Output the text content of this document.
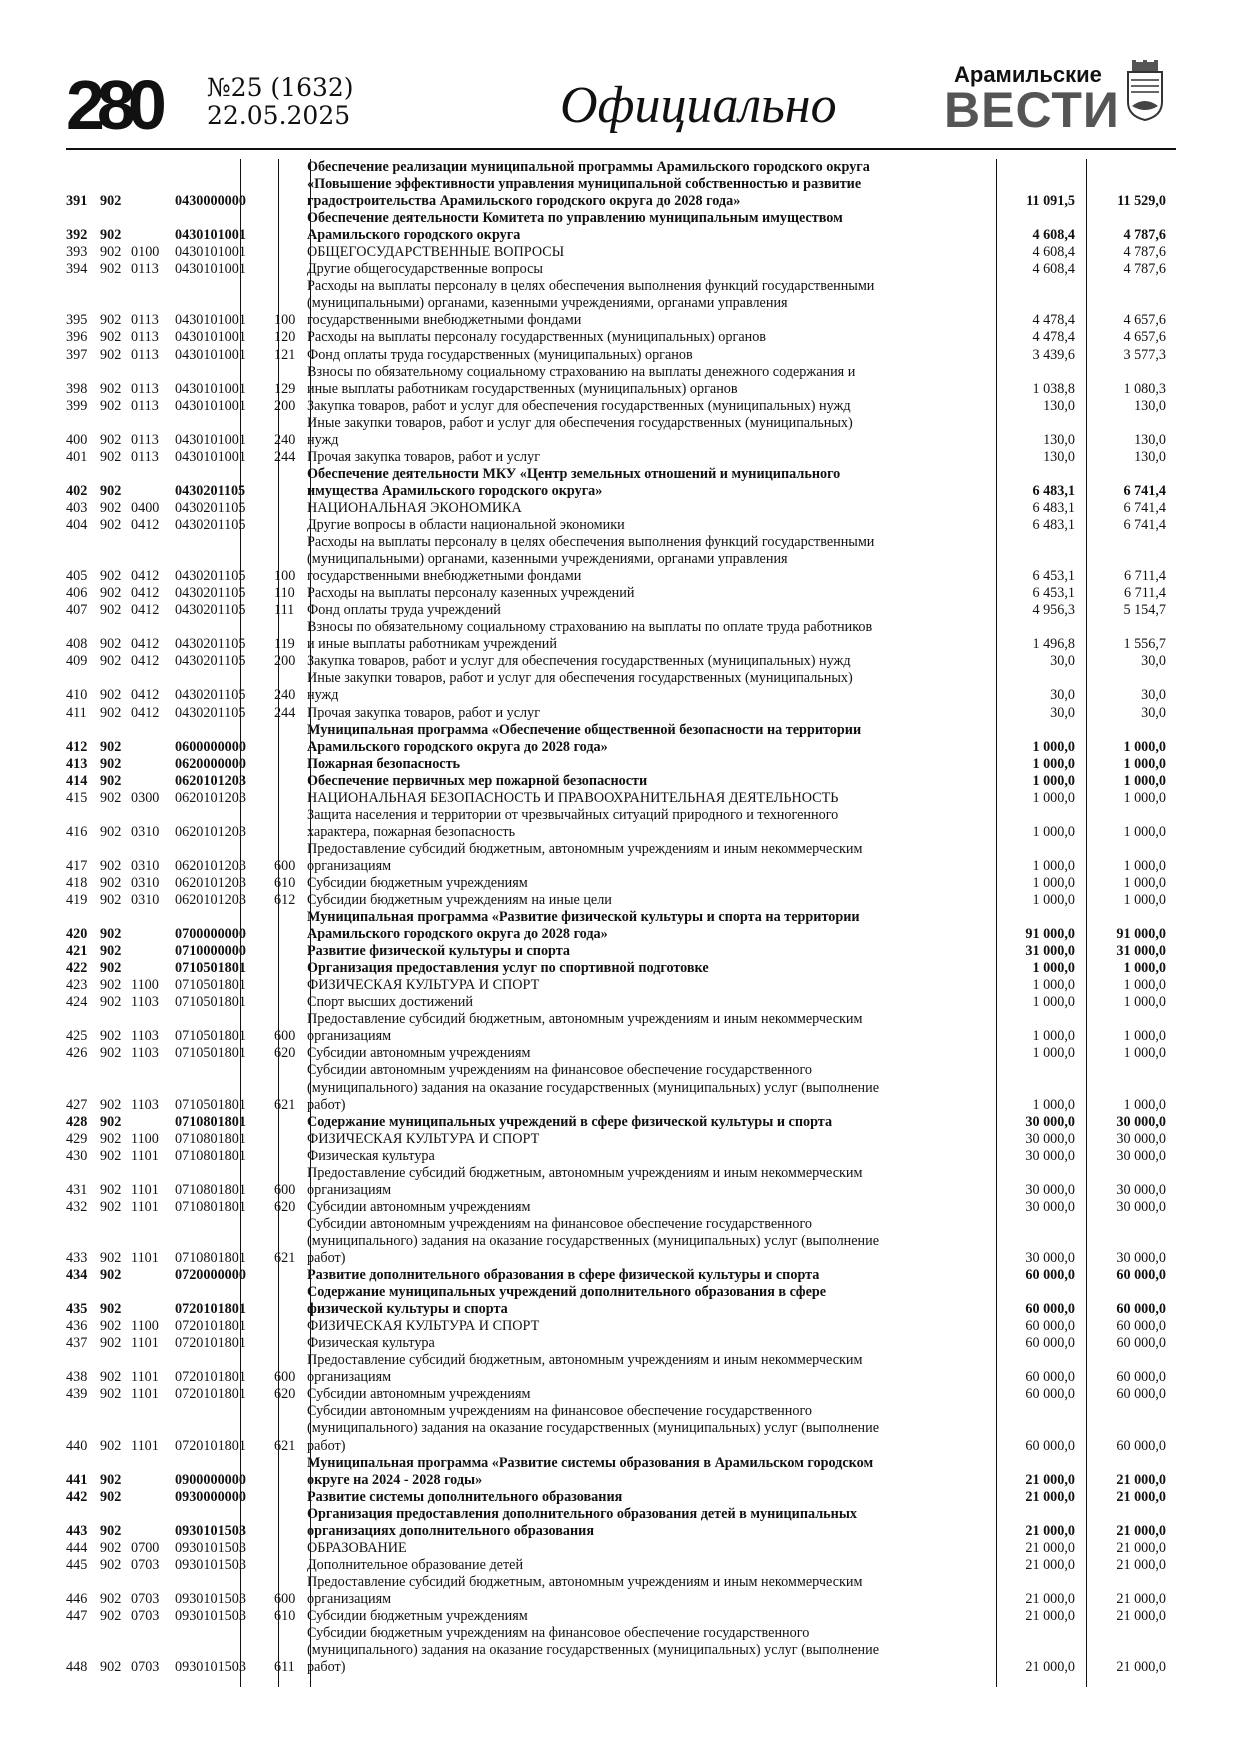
280 №25 (1632)
22.05.2025	Официально
Арамильские
ВЕСТИ
391 902	0430000000
Обеспечение реализации муниципальной программы Арамильского городского округа
«Повышение эффективности управления муниципальной собственностью и развитие
градостроительства Арамильского городского округа до 2028 года»	11 091,5	11 529,0
392 902	0430101001
Обеспечение деятельности Комитета по управлению муниципальным имуществом
Арамильского городского округа	4 608,4	4 787,6
393 902 0100	0430101001	ОБЩЕГОСУДАРСТВЕННЫЕ ВОПРОСЫ	4 608,4	4 787,6
394 902 0113	0430101001	Другие общегосударственные вопросы	4 608,4	4 787,6
395 902 0113	0430101001	100
Расходы на выплаты персоналу в целях обеспечения выполнения функций государственными
(муниципальными) органами, казенными учреждениями, органами управления
государственными внебюджетными фондами	4 478,4	4 657,6
396 902 0113	0430101001	120 Расходы на выплаты персоналу государственных (муниципальных) органов	4 478,4	4 657,6
397 902 0113	0430101001	121 Фонд оплаты труда государственных (муниципальных) органов	3 439,6	3 577,3
398 902 0113	0430101001	129
Взносы по обязательному социальному страхованию на выплаты денежного содержания и
иные выплаты работникам государственных (муниципальных) органов	1 038,8	1 080,3
399 902 0113	0430101001	200 Закупка товаров, работ и услуг для обеспечения государственных (муниципальных) нужд	130,0	130,0
400 902 0113	0430101001	240
Иные закупки товаров, работ и услуг для обеспечения государственных (муниципальных)
нужд	130,0	130,0
401 902 0113	0430101001	244 Прочая закупка товаров, работ и услуг	130,0	130,0
402 902	0430201105
Обеспечение деятельности МКУ «Центр земельных отношений и муниципального
имущества Арамильского городского округа»	6 483,1	6 741,4
403 902 0400	0430201105	НАЦИОНАЛЬНАЯ ЭКОНОМИКА	6 483,1	6 741,4
404 902 0412	0430201105	Другие вопросы в области национальной экономики	6 483,1	6 741,4
405 902 0412	0430201105	100
Расходы на выплаты персоналу в целях обеспечения выполнения функций государственными
(муниципальными) органами, казенными учреждениями, органами управления
государственными внебюджетными фондами	6 453,1	6 711,4
406 902 0412	0430201105	110 Расходы на выплаты персоналу казенных учреждений	6 453,1	6 711,4
407 902 0412	0430201105	111 Фонд оплаты труда учреждений	4 956,3	5 154,7
408 902 0412	0430201105	119
Взносы по обязательному социальному страхованию на выплаты по оплате труда работников
и иные выплаты работникам учреждений	1 496,8	1 556,7
409 902 0412	0430201105	200 Закупка товаров, работ и услуг для обеспечения государственных (муниципальных) нужд	30,0	30,0
410 902 0412	0430201105	240
Иные закупки товаров, работ и услуг для обеспечения государственных (муниципальных)
нужд	30,0	30,0
411 902 0412	0430201105	244 Прочая закупка товаров, работ и услуг	30,0	30,0
412 902	0600000000
Муниципальная программа «Обеспечение общественной безопасности на территории
Арамильского городского округа до 2028 года»	1 000,0	1 000,0
413 902	0620000000	Пожарная безопасность	1 000,0	1 000,0
414 902	0620101203	Обеспечение первичных мер пожарной безопасности	1 000,0	1 000,0
415 902 0300	0620101203	НАЦИОНАЛЬНАЯ БЕЗОПАСНОСТЬ И ПРАВООХРАНИТЕЛЬНАЯ ДЕЯТЕЛЬНОСТЬ	1 000,0	1 000,0
416 902 0310	0620101203
Защита населения и территории от чрезвычайных ситуаций природного и техногенного
характера, пожарная безопасность	1 000,0	1 000,0
417 902 0310	0620101203	600
Предоставление субсидий бюджетным, автономным учреждениям и иным некоммерческим
организациям	1 000,0	1 000,0
418 902 0310	0620101203	610 Субсидии бюджетным учреждениям	1 000,0	1 000,0
419 902 0310	0620101203	612 Субсидии бюджетным учреждениям на иные цели	1 000,0	1 000,0
420 902	0700000000
Муниципальная программа «Развитие физической культуры и спорта на территории
Арамильского городского округа до 2028 года»	91 000,0	91 000,0
421 902	0710000000	Развитие физической культуры и спорта	31 000,0	31 000,0
422 902	0710501801	Организация предоставления услуг по спортивной подготовке	1 000,0	1 000,0
423 902 1100	0710501801	ФИЗИЧЕСКАЯ КУЛЬТУРА И СПОРТ	1 000,0	1 000,0
424 902 1103	0710501801	Спорт высших достижений	1 000,0	1 000,0
425 902 1103	0710501801	600
Предоставление субсидий бюджетным, автономным учреждениям и иным некоммерческим
организациям	1 000,0	1 000,0
426 902 1103	0710501801	620 Субсидии автономным учреждениям	1 000,0	1 000,0
427 902 1103	0710501801	621
Субсидии автономным учреждениям на финансовое обеспечение государственного
(муниципального) задания на оказание государственных (муниципальных) услуг (выполнение
работ)	1 000,0	1 000,0
428 902	0710801801	Содержание муниципальных учреждений в сфере физической культуры и спорта	30 000,0	30 000,0
429 902 1100	0710801801	ФИЗИЧЕСКАЯ КУЛЬТУРА И СПОРТ	30 000,0	30 000,0
430 902 1101	0710801801	Физическая культура	30 000,0	30 000,0
431 902 1101	0710801801	600
Предоставление субсидий бюджетным, автономным учреждениям и иным некоммерческим
организациям	30 000,0	30 000,0
432 902 1101	0710801801	620 Субсидии автономным учреждениям	30 000,0	30 000,0
433 902 1101	0710801801	621
Субсидии автономным учреждениям на финансовое обеспечение государственного
(муниципального) задания на оказание государственных (муниципальных) услуг (выполнение
работ)	30 000,0	30 000,0
434 902	0720000000	Развитие дополнительного образования в сфере физической культуры и спорта	60 000,0	60 000,0
435 902	0720101801
Содержание муниципальных учреждений дополнительного образования в сфере
физической культуры и спорта	60 000,0	60 000,0
436 902 1100	0720101801	ФИЗИЧЕСКАЯ КУЛЬТУРА И СПОРТ	60 000,0	60 000,0
437 902 1101	0720101801	Физическая культура	60 000,0	60 000,0
438 902 1101	0720101801	600
Предоставление субсидий бюджетным, автономным учреждениям и иным некоммерческим
организациям	60 000,0	60 000,0
439 902 1101	0720101801	620 Субсидии автономным учреждениям	60 000,0	60 000,0
440 902 1101	0720101801	621
Субсидии автономным учреждениям на финансовое обеспечение государственного
(муниципального) задания на оказание государственных (муниципальных) услуг (выполнение
работ)	60 000,0	60 000,0
441 902	0900000000
Муниципальная программа «Развитие системы образования в Арамильском городском
округе на 2024 - 2028 годы»	21 000,0	21 000,0
442 902	0930000000	Развитие системы дополнительного образования	21 000,0	21 000,0
443 902	0930101503
Организация предоставления дополнительного образования детей в муниципальных
организациях дополнительного образования	21 000,0	21 000,0
444 902 0700	0930101503	ОБРАЗОВАНИЕ	21 000,0	21 000,0
445 902 0703	0930101503	Дополнительное образование детей	21 000,0	21 000,0
446 902 0703	0930101503	600
Предоставление субсидий бюджетным, автономным учреждениям и иным некоммерческим
организациям	21 000,0	21 000,0
447 902 0703	0930101503	610 Субсидии бюджетным учреждениям	21 000,0	21 000,0
448 902 0703	0930101503	611
Субсидии бюджетным учреждениям на финансовое обеспечение государственного
(муниципального) задания на оказание государственных (муниципальных) услуг (выполнение
работ)	21 000,0	21 000,0
